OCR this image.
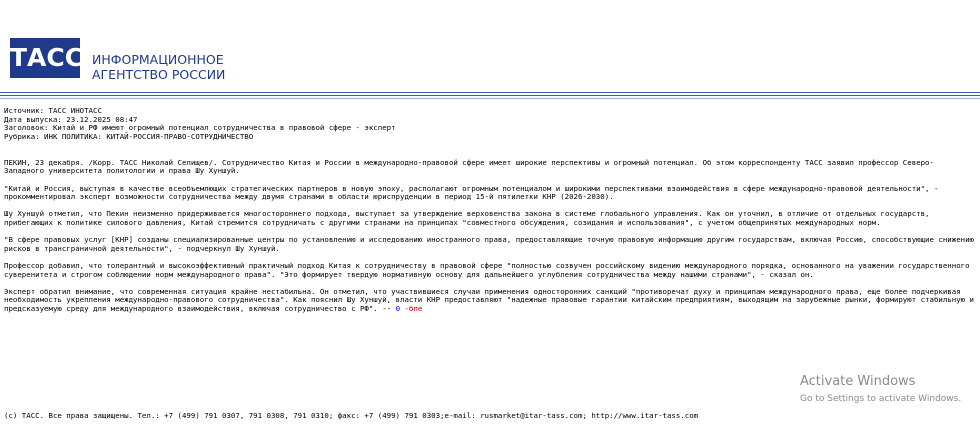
ТАСС ИНФОРМАЦИОННОЕ
АГЕНТСТВО РОССИИ
Источник: ТАСС ИНОТАСС
Дата выпуска: 23.12.2025 08:47
Заголовок: Китай и РФ имеют огромный потенциал сотрудничества в правовой сфере - эксперт
Рубрика: ИНК ПОЛИТИКА: КИТАЙ-РОССИЯ-ПРАВО-СОТРУДНИЧЕСТВО
ПЕКИН, 23 декабря. /Корр. ТАСС Николай Селищев/. Сотрудничество Китая и России в международно-правовой сфере имеет широкие перспективы и огромный потенциал. Об этом корреспонденту ТАСС заявил профессор Северо- Западного университета политологии и права Шу Хуншуй.
"Китай и Россия, выступая в качестве всеобъемлющих стратегических партнеров в новую эпоху, располагают огромным потенциалом и широкими перспективами взаимодействия в сфере международно-правовой деятельности", - прокомментировал эксперт возможности сотрудничества между двумя странами в области юриспруденции в период 15-й пятилетки КНР (2026-2030).
Шу Хуншуй отметил, что Пекин неизменно придерживается многостороннего подхода, выступает за утверждение верховенства закона в системе глобального управления. Как он уточнил, в отличие от отдельных государств, прибегающих к политике силового давления, Китай стремится сотрудничать с другими странами на принципах "совместного обсуждения, созидания и использования", с учетом общепринятых международных норм.
"В сфере правовых услуг [КНР] созданы специализированные центры по установлению и исследованию иностранного права, предоставляющие точную правовую информацию другим государствам, включая Россию, способствующие снижению рисков в трансграничной деятельности", - подчеркнул Шу Хуншуй.
Профессор добавил, что толерантный и высокоэффективный практичный подход Китая к сотрудничеству в правовой сфере "полностью созвучен российскому видению международного порядка, основанного на уважении государственного суверенитета и строгом соблюдении норм международного права". "Это формирует твердую нормативную основу для дальнейшего углубления сотрудничества между нашими странами", - сказал он.
Эксперт обратил внимание, что современная ситуация крайне нестабильна. Он отметил, что участвившиеся случаи применения односторонних санкций "противоречат духу и принципам международного права, еще более подчеркивая необходимость укрепления международно-правового сотрудничества". Как пояснил Шу Хуншуй, власти КНР предоставляют "надежные правовые гарантии китайским предприятиям, выходящим на зарубежные рынки, формируют стабильную и предсказуемую среду для международного взаимодействия, включая сотрудничество с РФ". -- 0 -бпе
Activate Windows
Go to Settings to activate Windows.
(с) ТАСС. Все права защищены. Тел.: +7 (499) 791 0307, 791 0308, 791 0310; факс: +7 (499) 791 0303;e-mail: rusmarket@itar-tass.com; http://www.itar-tass.com
